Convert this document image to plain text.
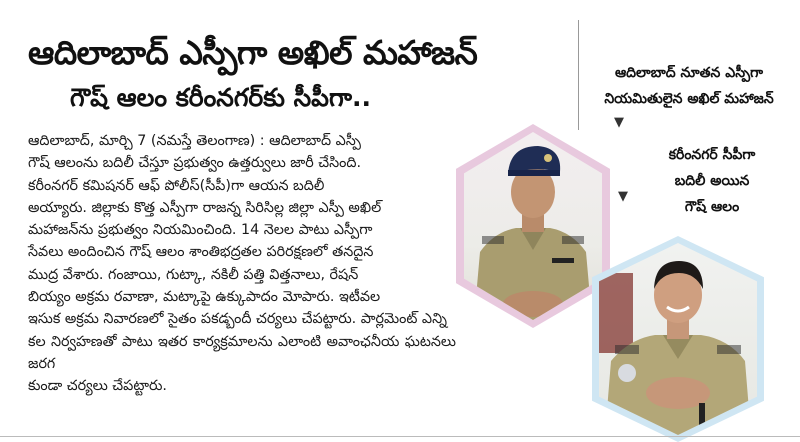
ఆదిలాబాద్ ఎస్పీగా అఖిల్ మహాజన్
గౌష్ ఆలం కరీంనగర్‌కు సీపీగా..
ఆదిలాబాద్ నూతన ఎస్పీగా
నియమితులైన అఖిల్ మహాజన్
▼
కరీంనగర్ సీపీగా
బదిలీ అయిన
గౌష్ ఆలం
▼

ఆదిలాబాద్, మార్చి 7 (నమస్తే తెలంగాణ) : ఆదిలాబాద్ ఎస్పీ

గౌష్ ఆలంను బదిలీ చేస్తూ ప్రభుత్వం ఉత్తర్వులు జారీ చేసింది.

కరీంనగర్ కమిషనర్ ఆఫ్ పోలీస్(సీపీ)గా ఆయన బదిలీ

అయ్యారు. జిల్లాకు కొత్త ఎస్పీగా రాజన్న సిరిసిల్ల జిల్లా ఎస్పీ అఖిల్

మహాజన్‌ను ప్రభుత్వం నియమించింది. 14 నెలల పాటు ఎస్పీగా

సేవలు అందించిన గౌష్ ఆలం శాంతిభద్రతల పరిరక్షణలో తనదైన

ముద్ర వేశారు. గంజాయి, గుట్కా, నకిలీ పత్తి విత్తనాలు, రేషన్

బియ్యం అక్రమ రవాణా, మట్కాపై ఉక్కుపాదం మోపారు. ఇటీవల

ఇసుక అక్రమ నివారణలో సైతం పకడ్బందీ చర్యలు చేపట్టారు. పార్లమెంట్ ఎన్ని

కల నిర్వహణతో పాటు ఇతర కార్యక్రమాలను ఎలాంటి అవాంఛనీయ ఘటనలు జరగ

కుండా చర్యలు చేపట్టారు.
